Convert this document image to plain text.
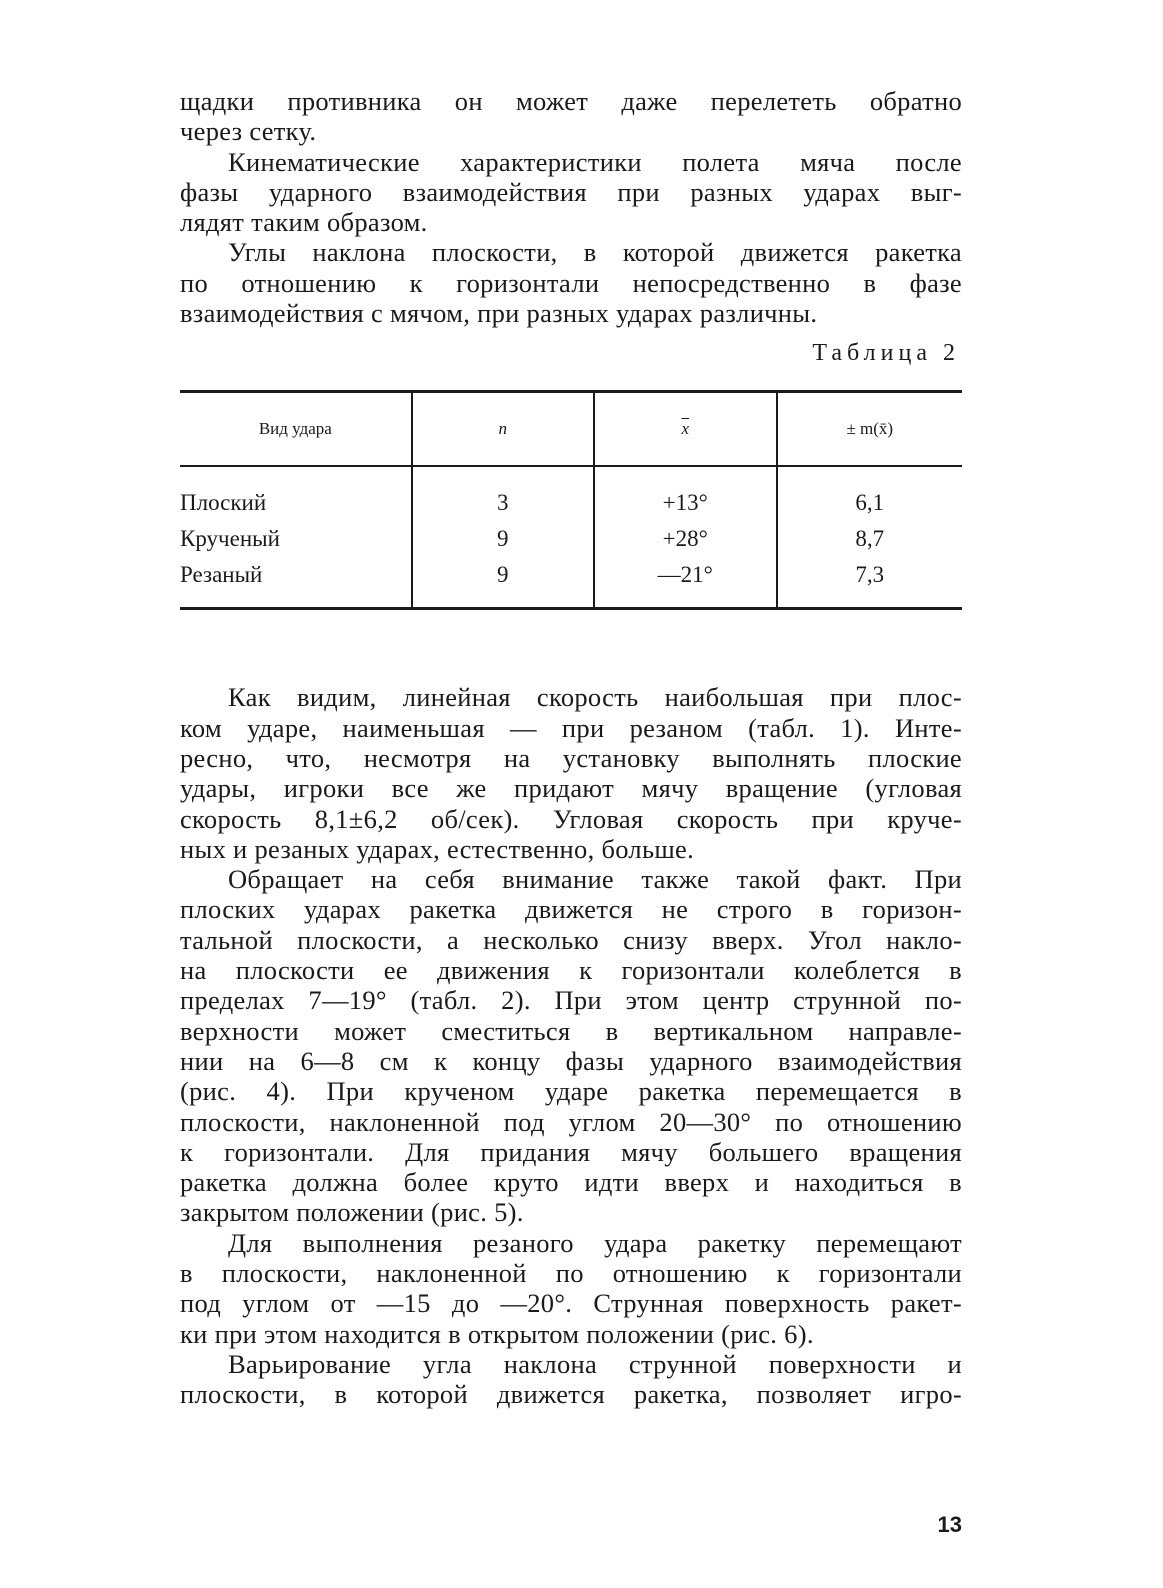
щадки противника он может даже перелететь обратно
через сетку.

Кинематические характеристики полета мяча после
фазы ударного взаимодействия при разных ударах выг-
лядят таким образом.

Углы наклона плоскости, в которой движется ракетка
по отношению к горизонтали непосредственно в фазе
взаимодействия с мячом, при разных ударах различны.

Таблица 2

Вид удара	n	$\overline{x}$	± m(x̄)
Плоский	3	+13°	6,1
Крученый	9	+28°	8,7
Резаный	9	—21°	7,3

Как видим, линейная скорость наибольшая при плос-
ком ударе, наименьшая — при резаном (табл. 1). Инте-
ресно, что, несмотря на установку выполнять плоские
удары, игроки все же придают мячу вращение (угловая
скорость 8,1±6,2 об/сек). Угловая скорость при круче-
ных и резаных ударах, естественно, больше.

Обращает на себя внимание также такой факт. При
плоских ударах ракетка движется не строго в горизон-
тальной плоскости, а несколько снизу вверх. Угол накло-
на плоскости ее движения к горизонтали колеблется в
пределах 7—19° (табл. 2). При этом центр струнной по-
верхности может сместиться в вертикальном направле-
нии на 6—8 см к концу фазы ударного взаимодействия
(рис. 4). При крученом ударе ракетка перемещается в
плоскости, наклоненной под углом 20—30° по отношению
к горизонтали. Для придания мячу большего вращения
ракетка должна более круто идти вверх и находиться в
закрытом положении (рис. 5).

Для выполнения резаного удара ракетку перемещают
в плоскости, наклоненной по отношению к горизонтали
под углом от —15 до —20°. Струнная поверхность ракет-
ки при этом находится в открытом положении (рис. 6).

Варьирование угла наклона струнной поверхности и
плоскости, в которой движется ракетка, позволяет игро-

13
